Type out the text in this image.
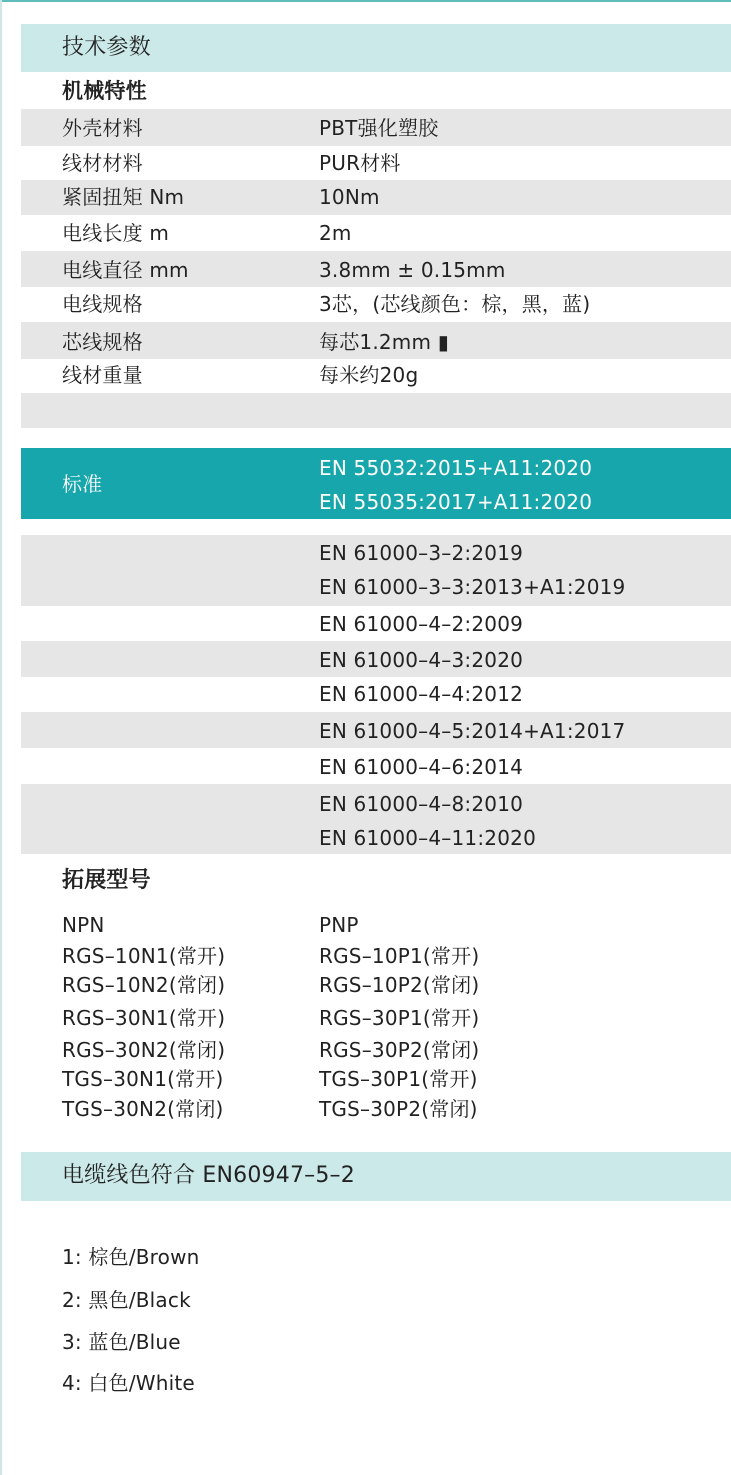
技术参数
机械特性
外壳材料	PBT强化塑胶
线材材料	PUR材料
紧固扭矩 Nm	10Nm
电线长度 m	2m
电线直径 mm	3.8mm ± 0.15mm
电线规格	3芯，(芯线颜色：棕，黑，蓝)
芯线规格	每芯1.2mm ▮
线材重量	每米约20g
标准
EN 55032:2015+A11:2020
EN 55035:2017+A11:2020
EN 61000–3–2:2019
EN 61000–3–3:2013+A1:2019
EN 61000–4–2:2009
EN 61000–4–3:2020
EN 61000–4–4:2012
EN 61000–4–5:2014+A1:2017
EN 61000–4–6:2014
EN 61000–4–8:2010
EN 61000–4–11:2020
拓展型号
NPN	PNP
RGS–10N1(常开)	RGS–10P1(常开)
RGS–10N2(常闭)	RGS–10P2(常闭)
RGS–30N1(常开)	RGS–30P1(常开)
RGS–30N2(常闭)	RGS–30P2(常闭)
TGS–30N1(常开)	TGS–30P1(常开)
TGS–30N2(常闭)	TGS–30P2(常闭)
电缆线色符合 EN60947–5–2
1: 棕色/Brown
2: 黑色/Black
3: 蓝色/Blue
4: 白色/White
